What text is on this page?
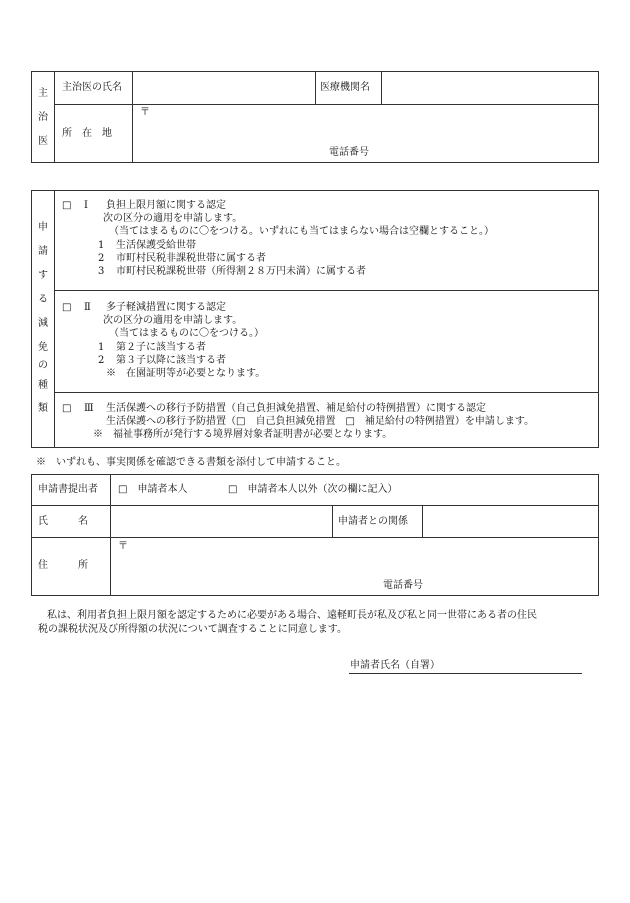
主
治
医
主治医の氏名	医療機関名
〒
所　在　地
電話番号
申
請
す
る
減
免
の
種
類
□ Ⅰ 負担上限月額に関する認定
次の区分の適用を申請します。
（当てはまるものに〇をつける。いずれにも当てはまらない場合は空欄とすること。）
1 生活保護受給世帯
2 市町村民税非課税世帯に属する者
3 市町村民税課税世帯（所得割２８万円未満）に属する者
□ Ⅱ 多子軽減措置に関する認定
次の区分の適用を申請します。
（当てはまるものに〇をつける。）
1 第２子に該当する者
2 第３子以降に該当する者
※　在園証明等が必要となります。
□ Ⅲ 生活保護への移行予防措置（自己負担減免措置、補足給付の特例措置）に関する認定
生活保護への移行予防措置（□　自己負担減免措置　□　補足給付の特例措置）を申請します。
※　福祉事務所が発行する境界層対象者証明書が必要となります。
※　いずれも、事実関係を確認できる書類を添付して申請すること。
申請書提出者 □　申請者本人	□　申請者本人以外（次の欄に記入）
氏　　　名	申請者との関係
〒
住　　　所
電話番号
私は、利用者負担上限月額を認定するために必要がある場合、遠軽町長が私及び私と同一世帯にある者の住民
税の課税状況及び所得額の状況について調査することに同意します。
申請者氏名（自署）
